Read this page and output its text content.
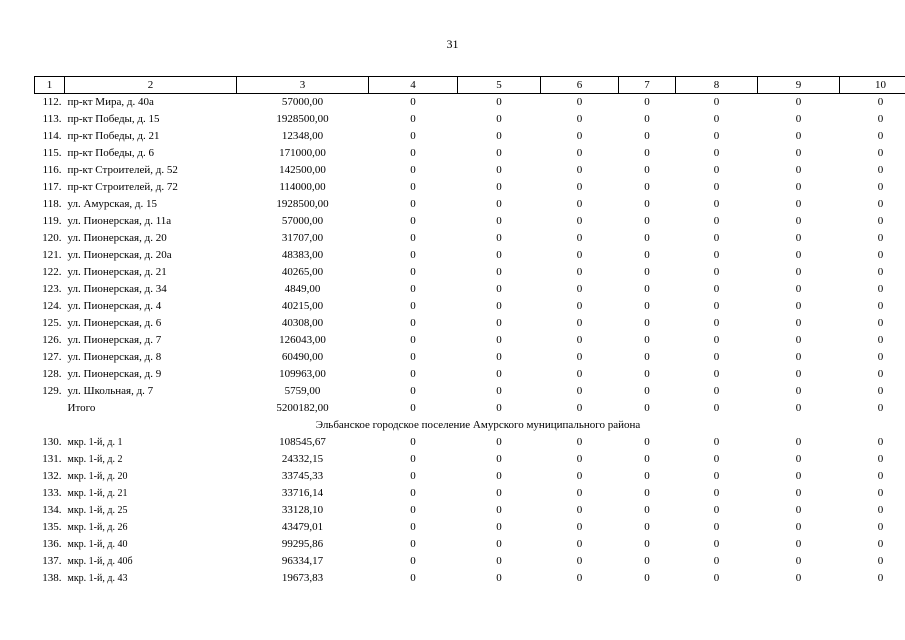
31
1	2	3	4	5	6	7	8	9	10
112.	пр-кт Мира, д. 40а	57000,00	0	0	0	0	0	0	0
113.	пр-кт Победы, д. 15	1928500,00	0	0	0	0	0	0	0
114.	пр-кт Победы, д. 21	12348,00	0	0	0	0	0	0	0
115.	пр-кт Победы, д. 6	171000,00	0	0	0	0	0	0	0
116.	пр-кт Строителей, д. 52	142500,00	0	0	0	0	0	0	0
117.	пр-кт Строителей, д. 72	114000,00	0	0	0	0	0	0	0
118.	ул. Амурская, д. 15	1928500,00	0	0	0	0	0	0	0
119.	ул. Пионерская, д. 11а	57000,00	0	0	0	0	0	0	0
120.	ул. Пионерская, д. 20	31707,00	0	0	0	0	0	0	0
121.	ул. Пионерская, д. 20а	48383,00	0	0	0	0	0	0	0
122.	ул. Пионерская, д. 21	40265,00	0	0	0	0	0	0	0
123.	ул. Пионерская, д. 34	4849,00	0	0	0	0	0	0	0
124.	ул. Пионерская, д. 4	40215,00	0	0	0	0	0	0	0
125.	ул. Пионерская, д. 6	40308,00	0	0	0	0	0	0	0
126.	ул. Пионерская, д. 7	126043,00	0	0	0	0	0	0	0
127.	ул. Пионерская, д. 8	60490,00	0	0	0	0	0	0	0
128.	ул. Пионерская, д. 9	109963,00	0	0	0	0	0	0	0
129.	ул. Школьная, д. 7	5759,00	0	0	0	0	0	0	0
	Итого	5200182,00	0	0	0	0	0	0	0
Эльбанское городское поселение Амурского муниципального района									
130.	мкр. 1-й, д. 1	108545,67	0	0	0	0	0	0	0
131.	мкр. 1-й, д. 2	24332,15	0	0	0	0	0	0	0
132.	мкр. 1-й, д. 20	33745,33	0	0	0	0	0	0	0
133.	мкр. 1-й, д. 21	33716,14	0	0	0	0	0	0	0
134.	мкр. 1-й, д. 25	33128,10	0	0	0	0	0	0	0
135.	мкр. 1-й, д. 26	43479,01	0	0	0	0	0	0	0
136.	мкр. 1-й, д. 40	99295,86	0	0	0	0	0	0	0
137.	мкр. 1-й, д. 40б	96334,17	0	0	0	0	0	0	0
138.	мкр. 1-й, д. 43	19673,83	0	0	0	0	0	0	0
